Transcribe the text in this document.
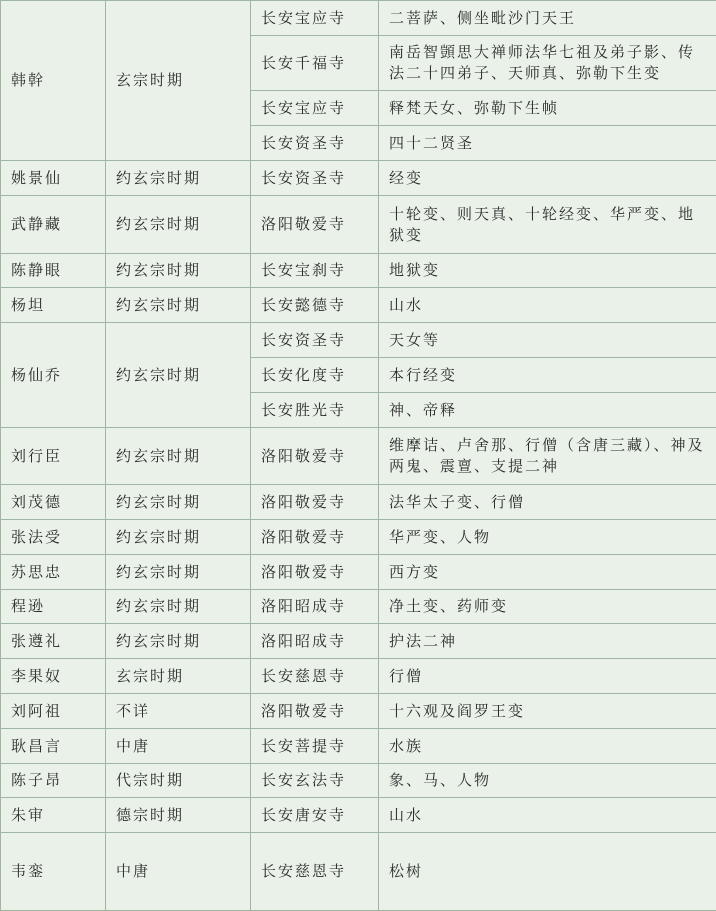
韩幹	玄宗时期	长安宝应寺	二菩萨、侧坐毗沙门天王
		长安千福寺	南岳智顗思大禅师法华七祖及弟子影、传法二十四弟子、天师真、弥勒下生变
		长安宝应寺	释梵天女、弥勒下生帧
		长安资圣寺	四十二贤圣
姚景仙	约玄宗时期	长安资圣寺	经变
武静藏	约玄宗时期	洛阳敬爱寺	十轮变、则天真、十轮经变、华严变、地狱变
陈静眼	约玄宗时期	长安宝刹寺	地狱变
杨坦	约玄宗时期	长安懿德寺	山水
杨仙乔	约玄宗时期	长安资圣寺	天女等
		长安化度寺	本行经变
		长安胜光寺	神、帝释
刘行臣	约玄宗时期	洛阳敬爱寺	维摩诘、卢舍那、行僧（含唐三藏）、神及两鬼、震亶、支提二神
刘茂德	约玄宗时期	洛阳敬爱寺	法华太子变、行僧
张法受	约玄宗时期	洛阳敬爱寺	华严变、人物
苏思忠	约玄宗时期	洛阳敬爱寺	西方变
程逊	约玄宗时期	洛阳昭成寺	净土变、药师变
张遵礼	约玄宗时期	洛阳昭成寺	护法二神
李果奴	玄宗时期	长安慈恩寺	行僧
刘阿祖	不详	洛阳敬爱寺	十六观及阎罗王变
耿昌言	中唐	长安菩提寺	水族
陈子昂	代宗时期	长安玄法寺	象、马、人物
朱审	德宗时期	长安唐安寺	山水
韦銮	中唐	长安慈恩寺	松树
